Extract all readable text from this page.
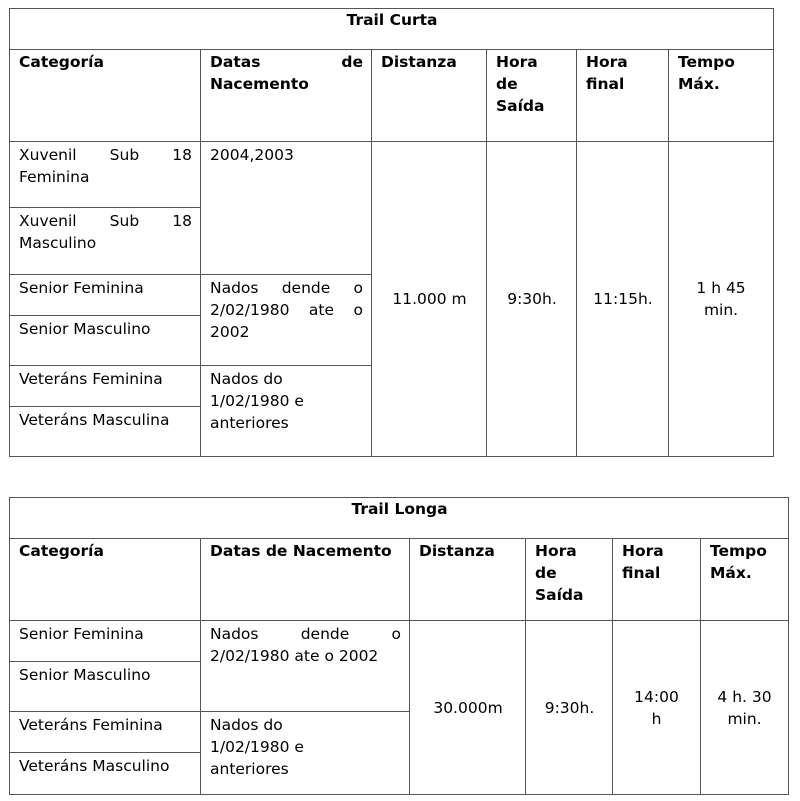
Trail Curta					
Categoría	Datas de Nacemento	Distanza	Hora de Saída	Hora final	Tempo Máx.
Xuvenil Sub 18 Feminina	2004,2003	11.000 m	9:30h.	11:15h.	1 h 45 min.
Xuvenil Sub 18 Masculino					
Senior Feminina	Nados dende o 2/02/1980 ate o 2002				
Senior Masculino					
Veteráns Feminina	Nados do 1/02/1980 e anteriores				
Veteráns Masculina					
Trail Longa					
Categoría	Datas de Nacemento	Distanza	Hora de Saída	Hora final	Tempo Máx.
Senior Feminina	Nados dende o 2/02/1980 ate o 2002	30.000m	9:30h.	14:00 h	4 h. 30 min.
Senior Masculino					
Veteráns Feminina	Nados do 1/02/1980 e anteriores				
Veteráns Masculino					
